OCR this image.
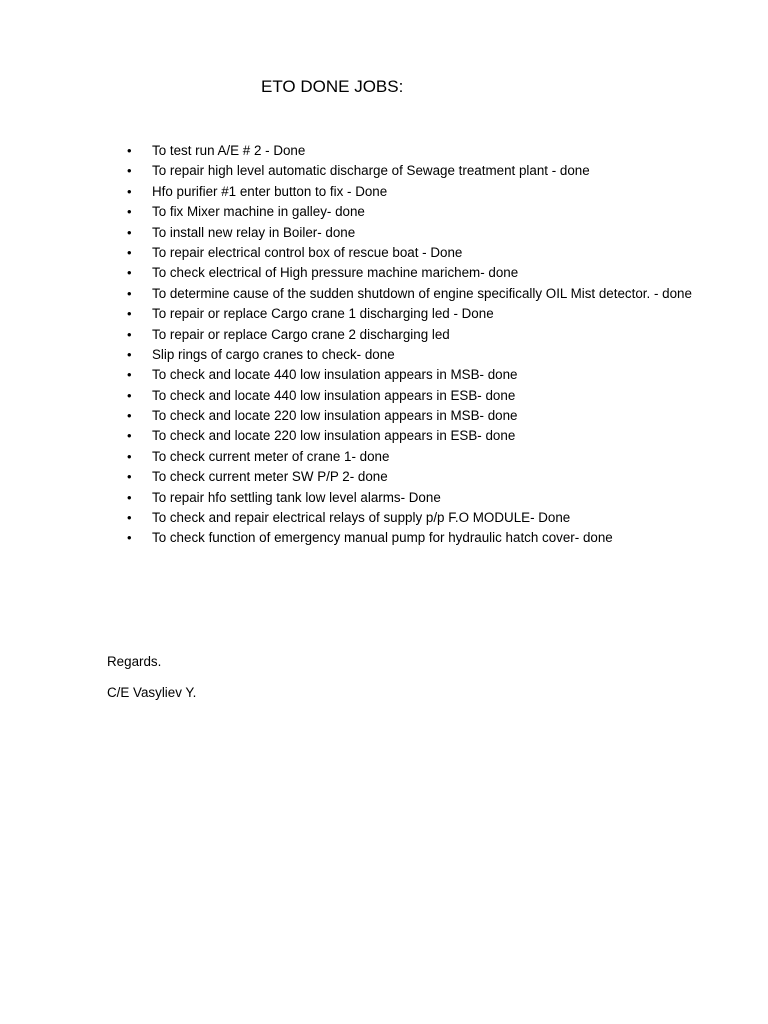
ETO DONE JOBS:
• To test run A/E # 2 - Done
• To repair high level automatic discharge of Sewage treatment plant - done
• Hfo purifier #1 enter button to fix - Done
• To fix Mixer machine in galley- done
• To install new relay in Boiler- done
• To repair electrical control box of rescue boat - Done
• To check electrical of High pressure machine marichem- done
• To determine cause of the sudden shutdown of engine specifically OIL Mist detector. - done
• To repair or replace Cargo crane 1 discharging led - Done
• To repair or replace Cargo crane 2 discharging led
• Slip rings of cargo cranes to check- done
• To check and locate 440 low insulation appears in MSB- done
• To check and locate 440 low insulation appears in ESB- done
• To check and locate 220 low insulation appears in MSB- done
• To check and locate 220 low insulation appears in ESB- done
• To check current meter of crane 1- done
• To check current meter SW P/P 2- done
• To repair hfo settling tank low level alarms- Done
• To check and repair electrical relays of supply p/p F.O MODULE- Done
• To check function of emergency manual pump for hydraulic hatch cover- done

Regards.

C/E Vasyliev Y.
